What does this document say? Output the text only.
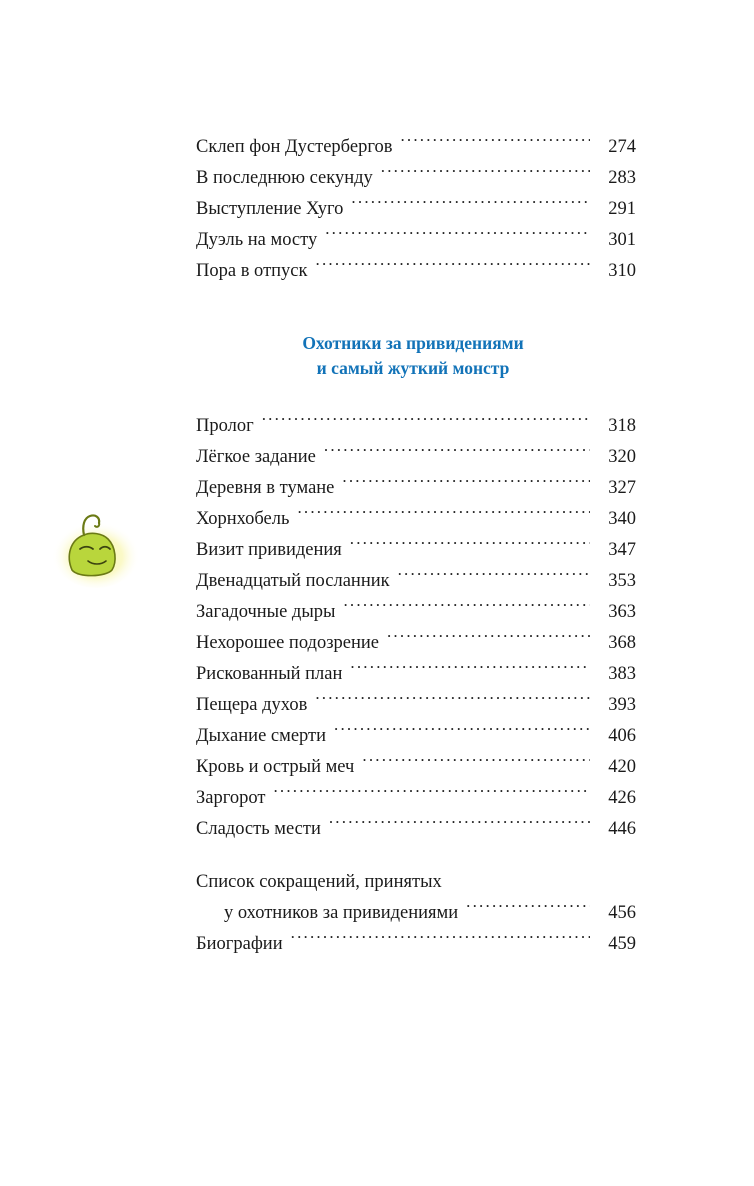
Склеп фон Дустербергов .....	274
В последнюю секунду .....	283
Выступление Хуго .....	291
Дуэль на мосту .....	301
Пора в отпуск .....	310
Охотники за привидениями
и самый жуткий монстр
Пролог .....	318
Лёгкое задание .....	320
Деревня в тумане .....	327
Хорнхобель .....	340
Визит привидения .....	347
Двенадцатый посланник .....	353
Загадочные дыры .....	363
Нехорошее подозрение .....	368
Рискованный план .....	383
Пещера духов .....	393
Дыхание смерти .....	406
Кровь и острый меч .....	420
Заргорот .....	426
Сладость мести .....	446
Список сокращений, принятых
у охотников за привидениями .....	456
Биографии .....	459
